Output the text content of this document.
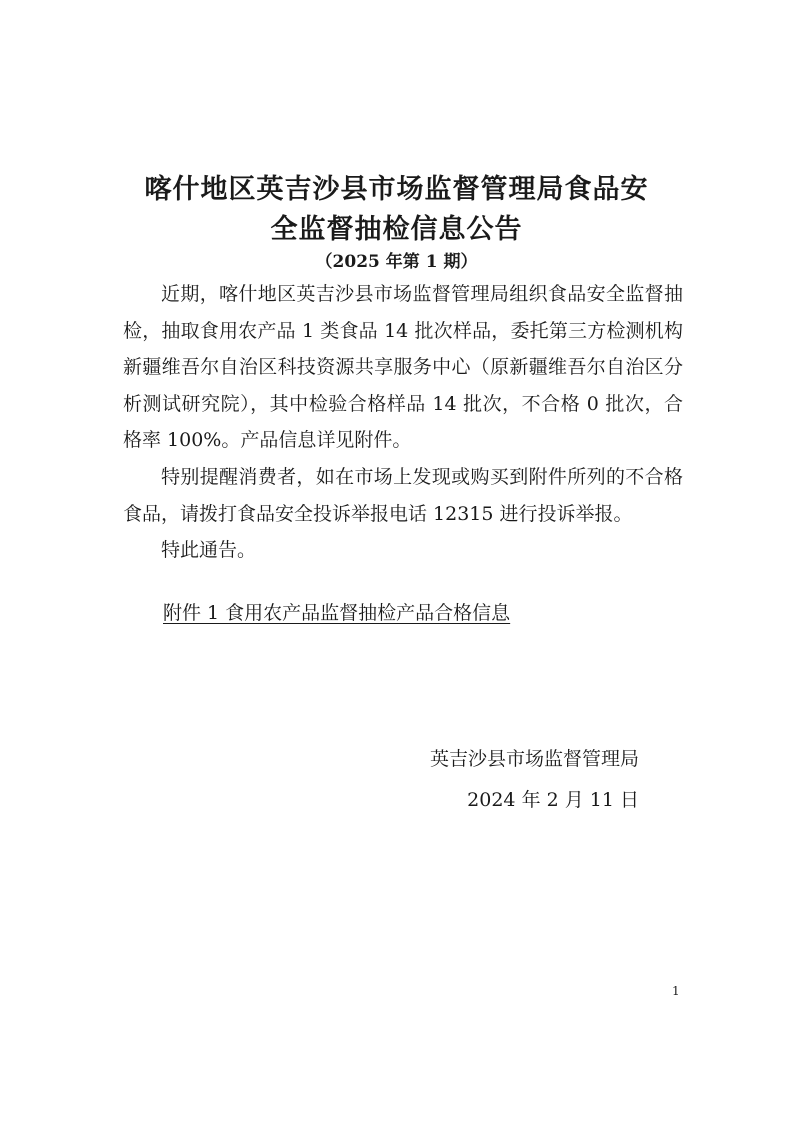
喀什地区英吉沙县市场监督管理局食品安
全监督抽检信息公告
（2025 年第 1 期）

近期，喀什地区英吉沙县市场监督管理局组织食品安全监督抽检，抽取食用农产品 1 类食品 14 批次样品，委托第三方检测机构新疆维吾尔自治区科技资源共享服务中心（原新疆维吾尔自治区分析测试研究院），其中检验合格样品 14 批次，不合格 0 批次，合格率 100%。产品信息详见附件。

特别提醒消费者，如在市场上发现或购买到附件所列的不合格食品，请拨打食品安全投诉举报电话 12315 进行投诉举报。

特此通告。

附件 1 食用农产品监督抽检产品合格信息
英吉沙县市场监督管理局
2024 年 2 月 11 日
1
